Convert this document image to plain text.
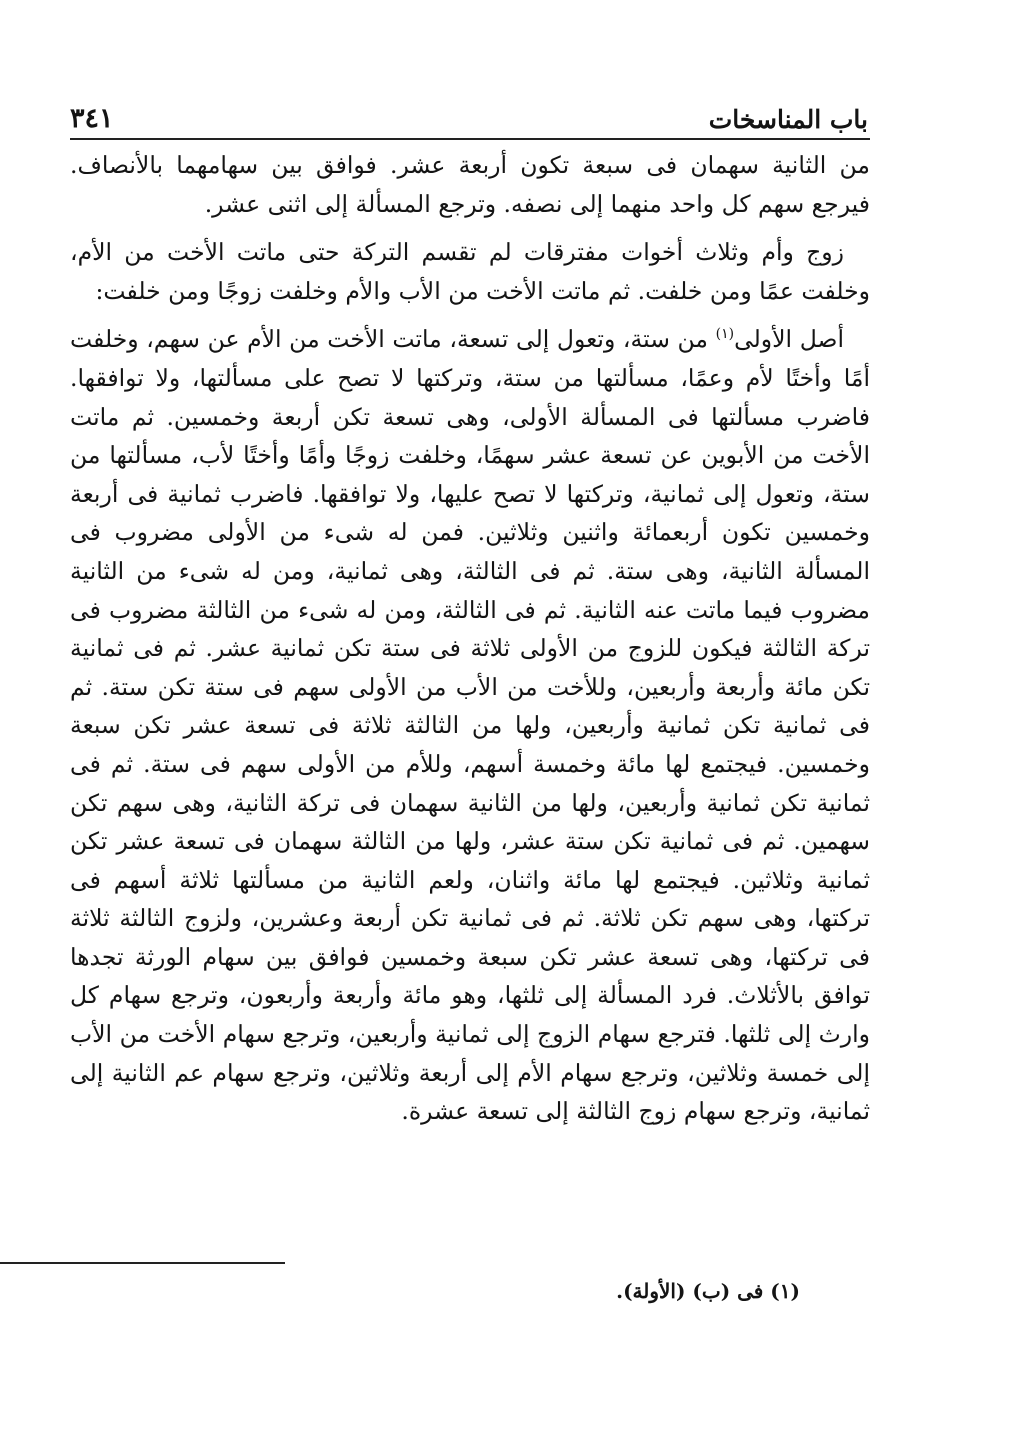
باب المناسخات
٣٤١

من الثانية سهمان فى سبعة تكون أربعة عشر. فوافق بين سهامهما بالأنصاف. فيرجع سهم كل واحد منهما إلى نصفه. وترجع المسألة إلى اثنى عشر.

زوج وأم وثلاث أخوات مفترقات لم تقسم التركة حتى ماتت الأخت من الأم، وخلفت عمًا ومن خلفت. ثم ماتت الأخت من الأب والأم وخلفت زوجًا ومن خلفت:

أصل الأولى$^{(١)}$ من ستة، وتعول إلى تسعة، ماتت الأخت من الأم عن سهم، وخلفت أمًا وأختًا لأم وعمًا، مسألتها من ستة، وتركتها لا تصح على مسألتها، ولا توافقها. فاضرب مسألتها فى المسألة الأولى، وهى تسعة تكن أربعة وخمسين. ثم ماتت الأخت من الأبوين عن تسعة عشر سهمًا، وخلفت زوجًا وأمًا وأختًا لأب، مسألتها من ستة، وتعول إلى ثمانية، وتركتها لا تصح عليها، ولا توافقها. فاضرب ثمانية فى أربعة وخمسين تكون أربعمائة واثنين وثلاثين. فمن له شىء من الأولى مضروب فى المسألة الثانية، وهى ستة. ثم فى الثالثة، وهى ثمانية، ومن له شىء من الثانية مضروب فيما ماتت عنه الثانية. ثم فى الثالثة، ومن له شىء من الثالثة مضروب فى تركة الثالثة فيكون للزوج من الأولى ثلاثة فى ستة تكن ثمانية عشر. ثم فى ثمانية تكن مائة وأربعة وأربعين، وللأخت من الأب من الأولى سهم فى ستة تكن ستة. ثم فى ثمانية تكن ثمانية وأربعين، ولها من الثالثة ثلاثة فى تسعة عشر تكن سبعة وخمسين. فيجتمع لها مائة وخمسة أسهم، وللأم من الأولى سهم فى ستة. ثم فى ثمانية تكن ثمانية وأربعين، ولها من الثانية سهمان فى تركة الثانية، وهى سهم تكن سهمين. ثم فى ثمانية تكن ستة عشر، ولها من الثالثة سهمان فى تسعة عشر تكن ثمانية وثلاثين. فيجتمع لها مائة واثنان، ولعم الثانية من مسألتها ثلاثة أسهم فى تركتها، وهى سهم تكن ثلاثة. ثم فى ثمانية تكن أربعة وعشرين، ولزوج الثالثة ثلاثة فى تركتها، وهى تسعة عشر تكن سبعة وخمسين فوافق بين سهام الورثة تجدها توافق بالأثلاث. فرد المسألة إلى ثلثها، وهو مائة وأربعة وأربعون، وترجع سهام كل وارث إلى ثلثها. فترجع سهام الزوج إلى ثمانية وأربعين، وترجع سهام الأخت من الأب إلى خمسة وثلاثين، وترجع سهام الأم إلى أربعة وثلاثين، وترجع سهام عم الثانية إلى ثمانية، وترجع سهام زوج الثالثة إلى تسعة عشرة.

(١) فى (ب) (الأولة).
